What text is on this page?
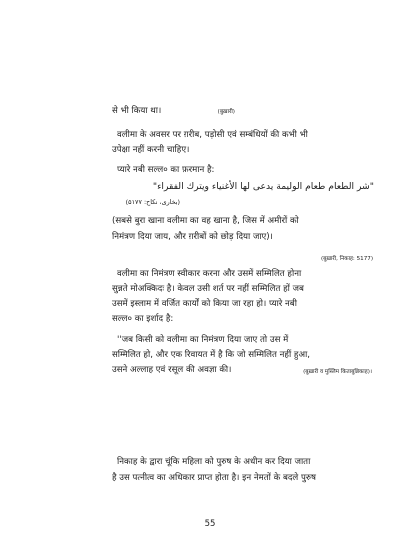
से भी किया था।	(बुख़ारी)

वलीमा के अवसर पर ग़रीब, पड़ोसी एवं सम्बंधियों की कभी भी

उपेक्षा नहीं करनी चाहिए।

प्यारे नबी सल्ल० का फ़रमान है:

"شر الطعام طعام الوليمة يدعى لها الأغنياء ويترك الفقراء"
(بخاری، نکاح: ۵۱۷۷)

(सबसे बुरा खाना वलीमा का वह खाना है, जिस में अमीरों को

निमंत्रण दिया जाय, और ग़रीबों को छोड़ दिया जाए)।

(बुख़ारी, निकाह: 5177)

वलीमा का निमंत्रण स्वीकार करना और उसमें सम्मिलित होना

सुन्नते मोअक्किदः है। केवल उसी शर्त पर नहीं सम्मिलित हों जब

उसमें इस्लाम में वर्जित कार्यों को किया जा रहा हो। प्यारे नबी

सल्ल० का इर्शाद है:

''जब किसी को वलीमा का निमंत्रण दिया जाए तो उस में

सम्मिलित हो, और एक रिवायत में है कि जो सम्मिलित नहीं हुआ,

उसने अल्लाह एवं रसूल की अवज्ञा की।	(बुख़ारी व मुस्लिम किताबुन्निकाह)।

निकाह के द्वारा चूंकि महिला को पुरुष के अधीन कर दिया जाता

है उस पत्नीत्व का अधिकार प्राप्त होता है। इन नेमतों के बदले पुरुष

55
